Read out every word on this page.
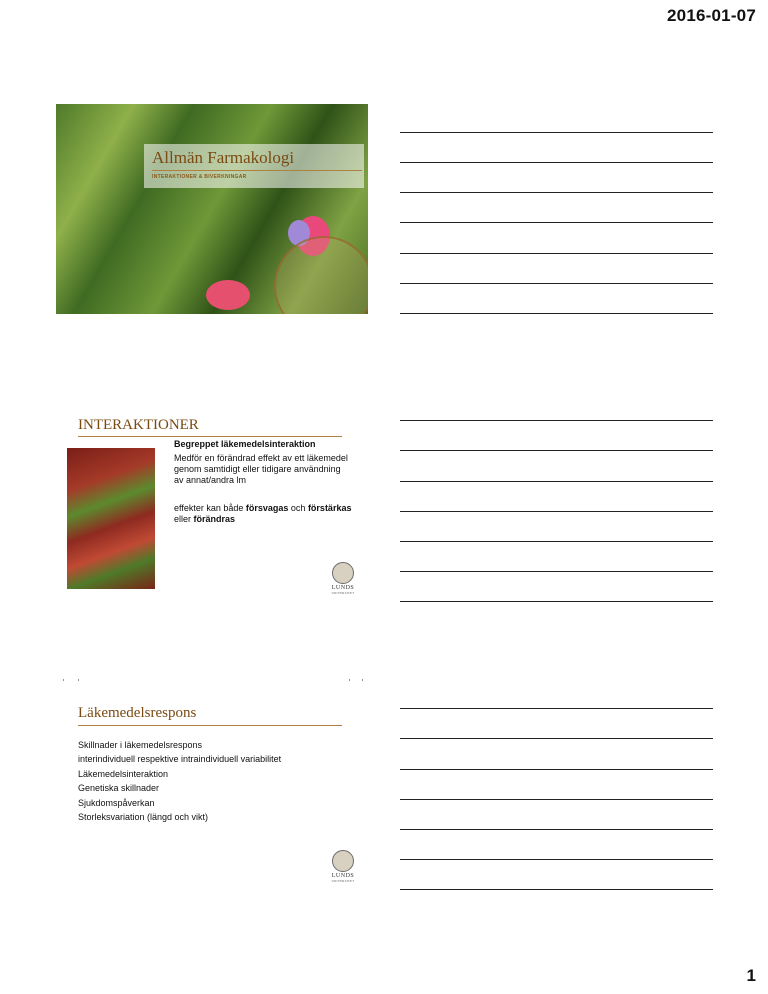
2016-01-07
Allmän Farmakologi
INTERAKTIONER & BIVERKNINGAR
INTERAKTIONER
Begreppet läkemedelsinteraktion
Medför en förändrad effekt av ett läkemedel genom samtidigt eller tidigare användning av annat/andra lm
effekter kan både försvagas och förstärkas eller förändras
LUNDS
UNIVERSITET
Läkemedelsrespons
Skillnader i läkemedelsrespons
interindividuell respektive intraindividuell variabilitet
Läkemedelsinteraktion
Genetiska skillnader
Sjukdomspåverkan
Storleksvariation (längd och vikt)
LUNDS
UNIVERSITET
1
